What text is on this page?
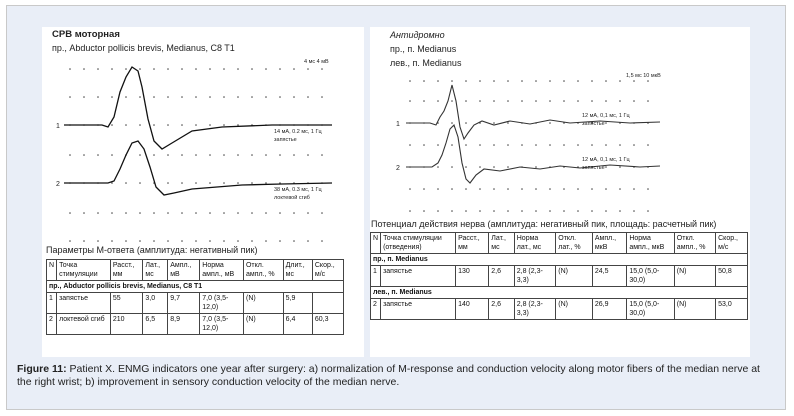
СРВ моторная
пр., Abductor pollicis brevis, Medianus, C8 T1
4 мс 4 мВ
1
2
14 мА, 0.2 мс, 1 Гц
запястье
38 мА, 0.3 мс, 1 Гц
локтевой сгиб
Параметры М-ответа (амплитуда: негативный пик)
N	Точка стимуляции	Расст., мм	Лат., мс	Ампл., мВ	Норма ампл., мВ	Откл. ампл., %	Длит., мс	Скор., м/с
пр., Abductor pollicis brevis, Medianus, C8 T1								
1	запястье	55	3,0	9,7	7,0 (3,5-12,0)	(N)	5,9	
2	локтевой сгиб	210	6,5	8,9	7,0 (3,5-12,0)	(N)	6,4	60,3
Антидромно
пр., п. Medianus
лев., п. Medianus
1,5 мс 10 мкВ
1
2
12 мА, 0,1 мс, 1 Гц
запястье
12 мА, 0,1 мс, 1 Гц
запястье
Потенциал действия нерва (амплитуда: негативный пик, площадь: расчетный пик)
N	Точка стимуляции (отведения)	Расст., мм	Лат., мс	Норма лат., мс	Откл. лат., %	Ампл., мкВ	Норма ампл., мкВ	Откл. ампл., %	Скор., м/с
пр., п. Medianus									
1	запястье	130	2,6	2,8 (2,3-3,3)	(N)	24,5	15,0 (5,0-30,0)	(N)	50,8
лев., п. Medianus									
2	запястье	140	2,6	2,8 (2,3-3,3)	(N)	26,9	15,0 (5,0-30,0)	(N)	53,0
Figure 11: Patient X. ENMG indicators one year after surgery: a) normalization of M-response and conduction velocity along motor fibers of the median nerve at the right wrist; b) improvement in sensory conduction velocity of the median nerve.
